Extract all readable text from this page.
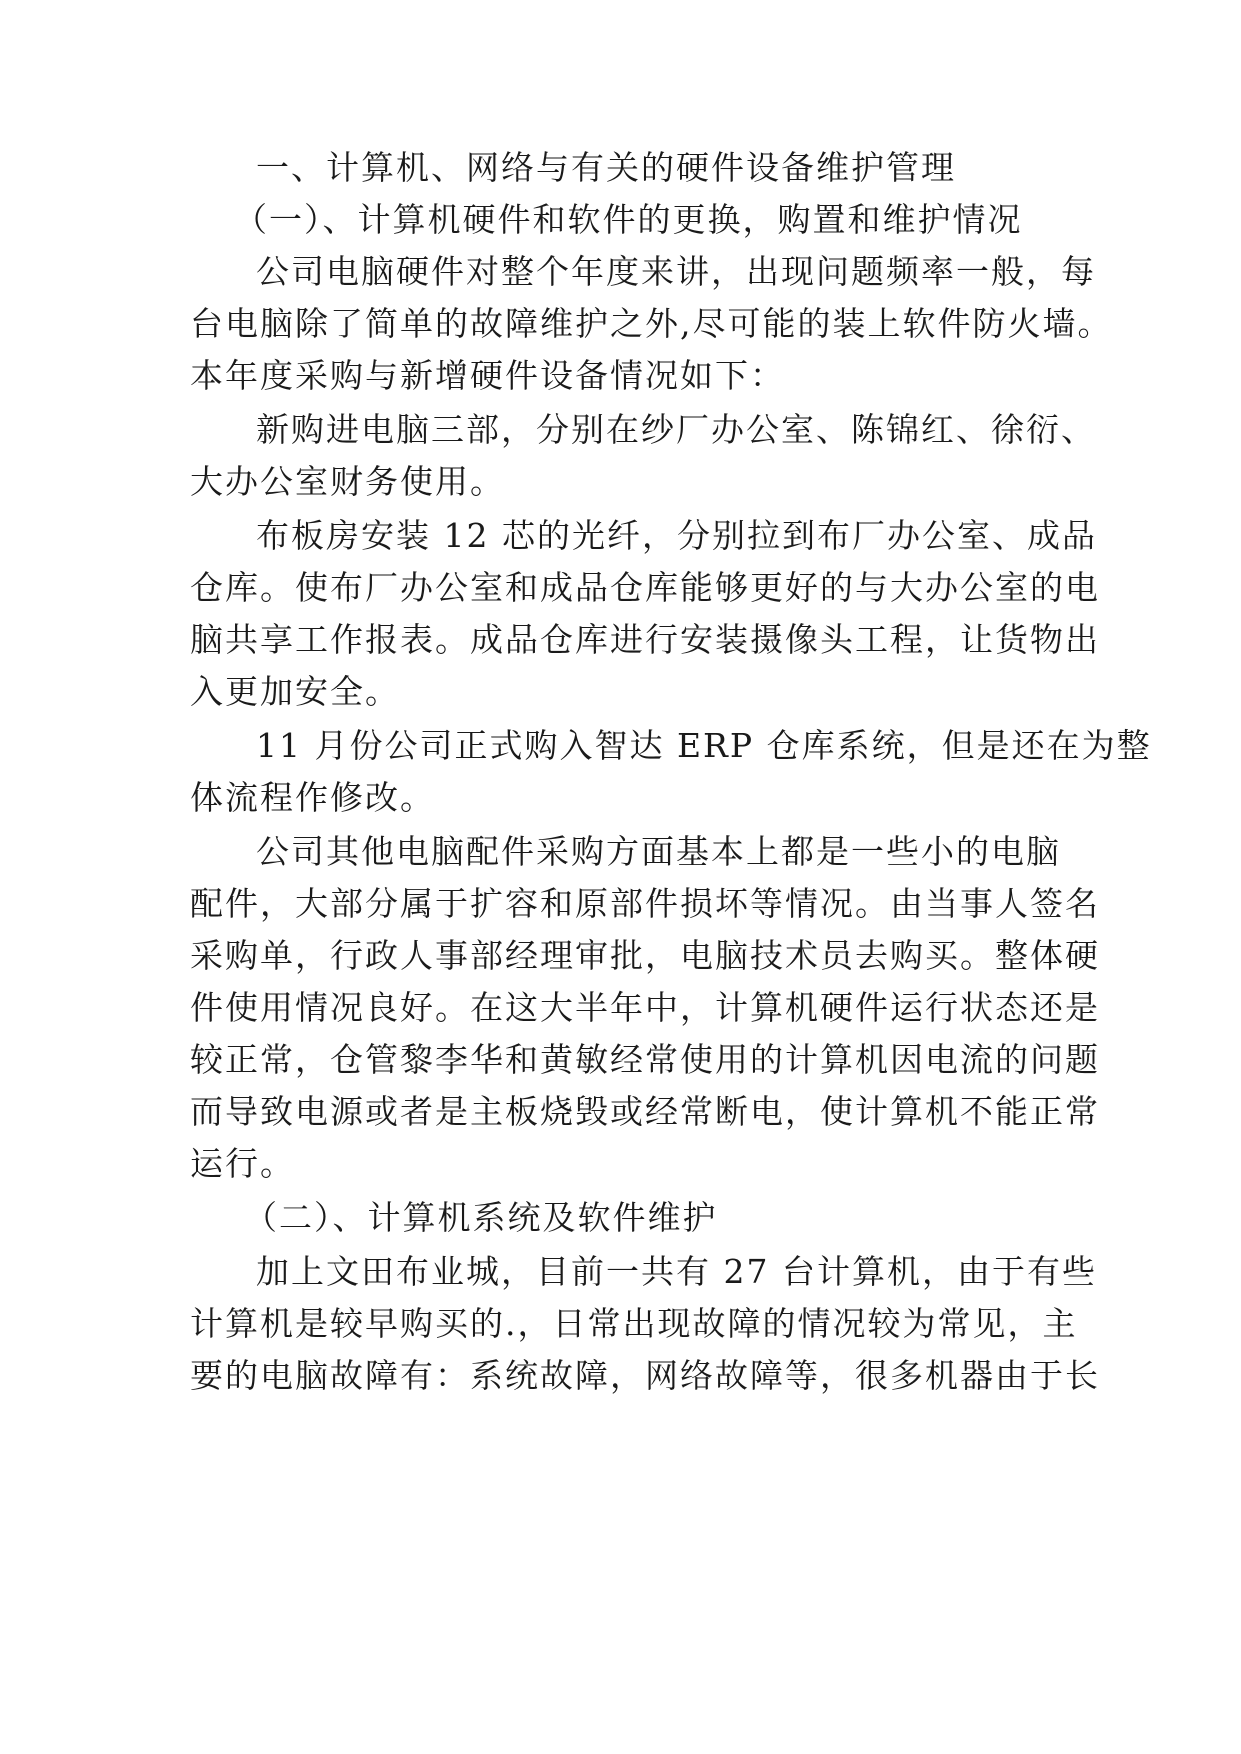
一、计算机、网络与有关的硬件设备维护管理
（一）、计算机硬件和软件的更换，购置和维护情况
公司电脑硬件对整个年度来讲，出现问题频率一般，每
台电脑除了简单的故障维护之外,尽可能的装上软件防火墙。
本年度采购与新增硬件设备情况如下：
新购进电脑三部，分别在纱厂办公室、陈锦红、徐衍、
大办公室财务使用。
布板房安装 12 芯的光纤，分别拉到布厂办公室、成品
仓库。使布厂办公室和成品仓库能够更好的与大办公室的电
脑共享工作报表。成品仓库进行安装摄像头工程，让货物出
入更加安全。
11 月份公司正式购入智达 ERP 仓库系统，但是还在为整
体流程作修改。
公司其他电脑配件采购方面基本上都是一些小的电脑
配件，大部分属于扩容和原部件损坏等情况。由当事人签名
采购单，行政人事部经理审批，电脑技术员去购买。整体硬
件使用情况良好。在这大半年中，计算机硬件运行状态还是
较正常，仓管黎李华和黄敏经常使用的计算机因电流的问题
而导致电源或者是主板烧毁或经常断电，使计算机不能正常
运行。
（二）、计算机系统及软件维护
加上文田布业城，目前一共有 27 台计算机，由于有些
计算机是较早购买的.，日常出现故障的情况较为常见，主
要的电脑故障有：系统故障，网络故障等，很多机器由于长
